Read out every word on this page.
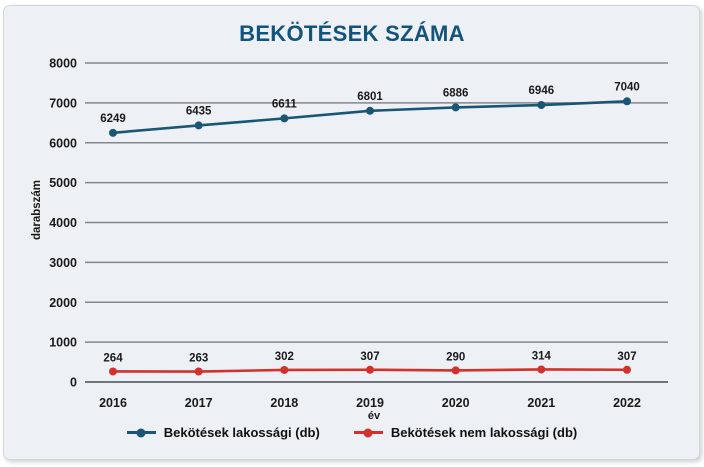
BEKÖTÉSEK SZÁMA
darabszám
0
1000
2000
3000
4000
5000
6000
7000
8000
2016	2017	2018	2019	2020	2021	2022
6249
6435
6611
6801	6886	6946	7040
264	263	302	307	290	314	307
év
Bekötések lakossági (db)	Bekötések nem lakossági (db)
